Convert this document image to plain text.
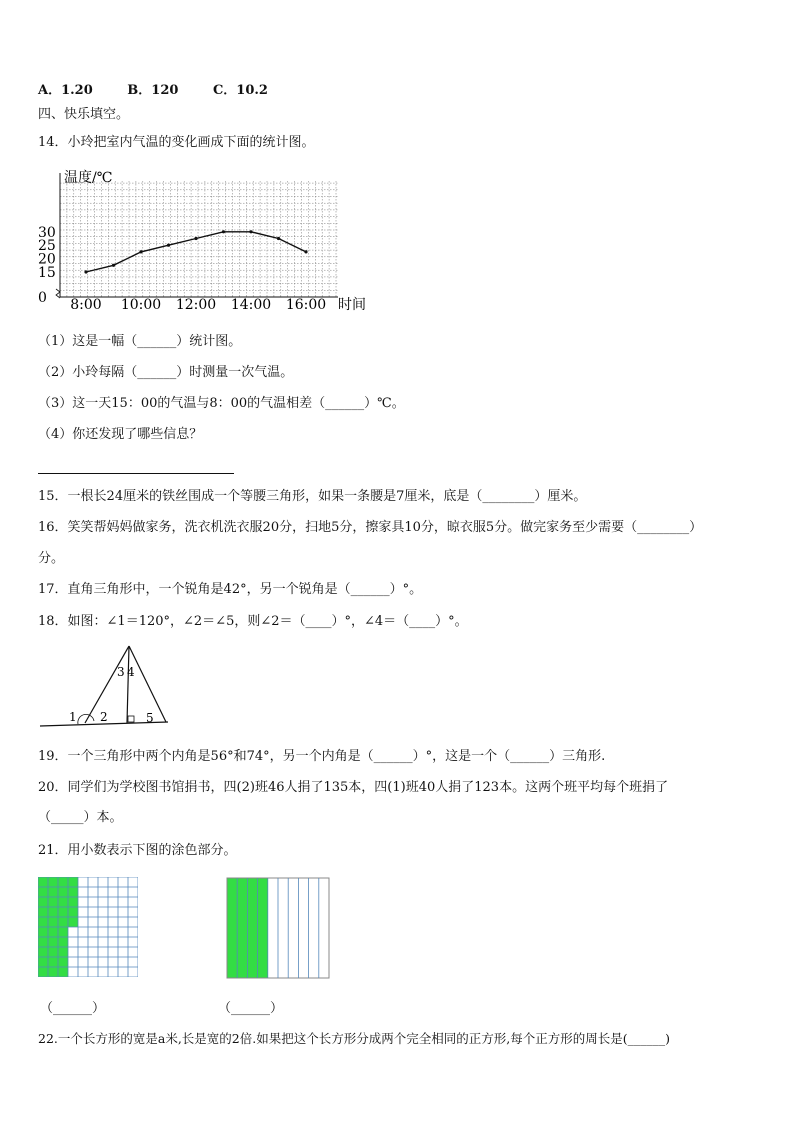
A．1.20	B．120	C．10.2
四、快乐填空。
14．小玲把室内气温的变化画成下面的统计图。
温度/℃
时间
0
15
20
25
30
8:00 10:00 12:00 14:00 16:00
（1）这是一幅（______）统计图。
（2）小玲每隔（______）时测量一次气温。
（3）这一天15：00的气温与8：00的气温相差（______）℃。
（4）你还发现了哪些信息？
15．一根长24厘米的铁丝围成一个等腰三角形，如果一条腰是7厘米，底是（________）厘米。
16．笑笑帮妈妈做家务，洗衣机洗衣服20分，扫地5分，擦家具10分，晾衣服5分。做完家务至少需要（________）
分。
17．直角三角形中，一个锐角是42°，另一个锐角是（______）°。
18．如图：∠1＝120°，∠2＝∠5，则∠2＝（____）°，∠4＝（____）°。
1 2
3 4
5
19．一个三角形中两个内角是56°和74°，另一个内角是（______）°，这是一个（______）三角形.
20．同学们为学校图书馆捐书，四(2)班46人捐了135本，四(1)班40人捐了123本。这两个班平均每个班捐了
（_____）本。
21．用小数表示下图的涂色部分。
（______）	（______）
22.一个长方形的宽是a米,长是宽的2倍.如果把这个长方形分成两个完全相同的正方形,每个正方形的周长是(______)
